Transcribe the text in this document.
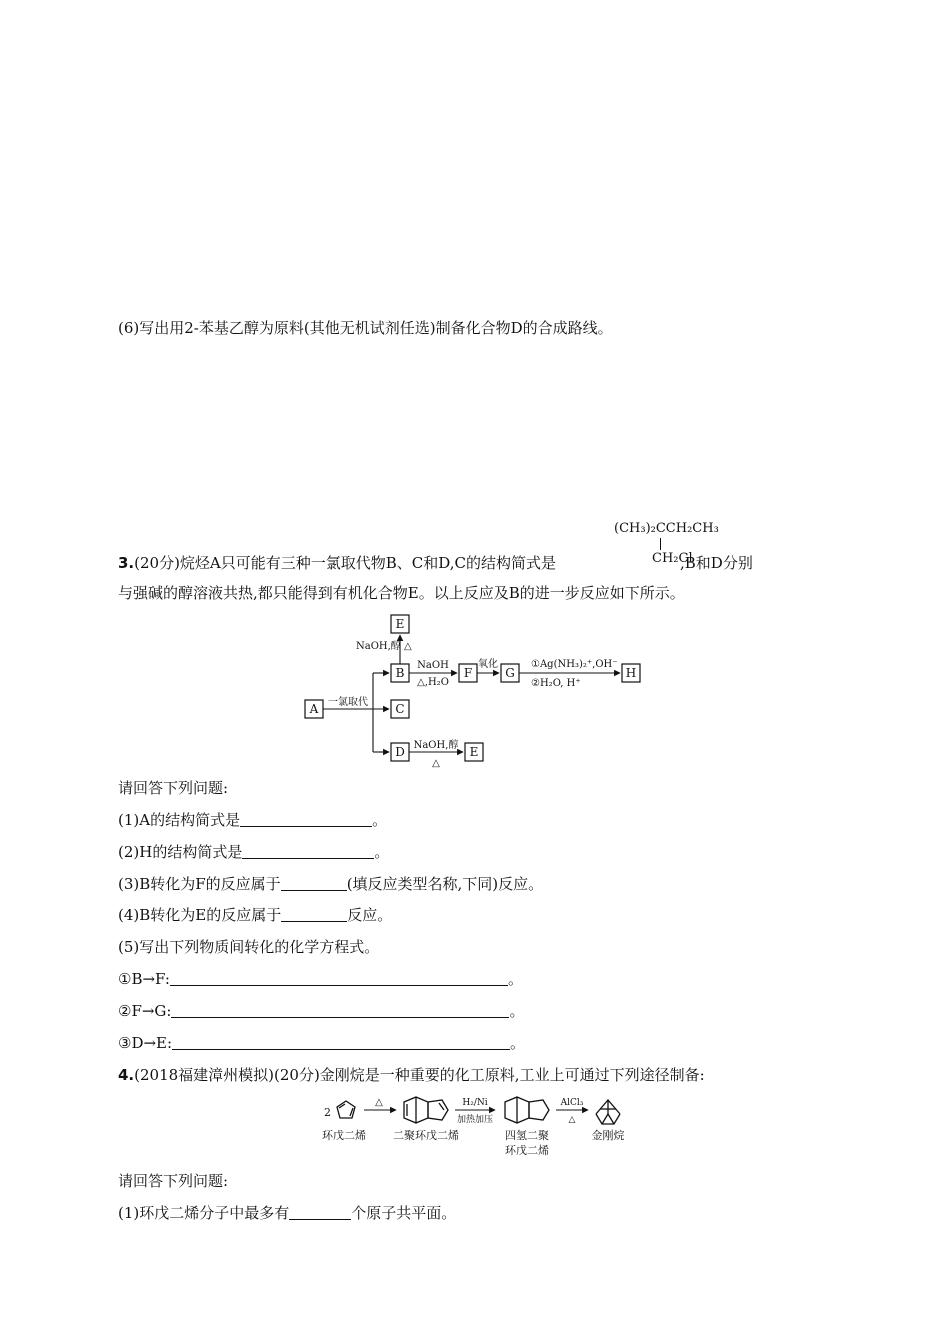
(6)写出用2-苯基乙醇为原料(其他无机试剂任选)制备化合物D的合成路线。
(CH₃)₂CCH₂CH₃
CH₂Cl
3.(20分)烷烃A只可能有三种一氯取代物B、C和D,C的结构简式是	,B和D分别
与强碱的醇溶液共热,都只能得到有机化合物E。以上反应及B的进一步反应如下所示。
E
B	F	G	H
A	C
D	E
NaOH,醇 △
NaOH
△,H₂O
氧化	①Ag(NH₃)₂⁺,OH⁻
②H₂O, H⁺
一氯取代
NaOH,醇
△
请回答下列问题:
(1)A的结构简式是	。
(2)H的结构简式是	。
(3)B转化为F的反应属于	(填反应类型名称,下同)反应。
(4)B转化为E的反应属于	反应。
(5)写出下列物质间转化的化学方程式。
①B→F:	。
②F→G:	。
③D→E:	。
4.(2018福建漳州模拟)(20分)金刚烷是一种重要的化工原料,工业上可通过下列途径制备:
2
△	H₂/Ni
加热加压
AlCl₃
△
环戊二烯 二聚环戊二烯	四氢二聚
环戊二烯
金刚烷
请回答下列问题:
(1)环戊二烯分子中最多有	个原子共平面。
